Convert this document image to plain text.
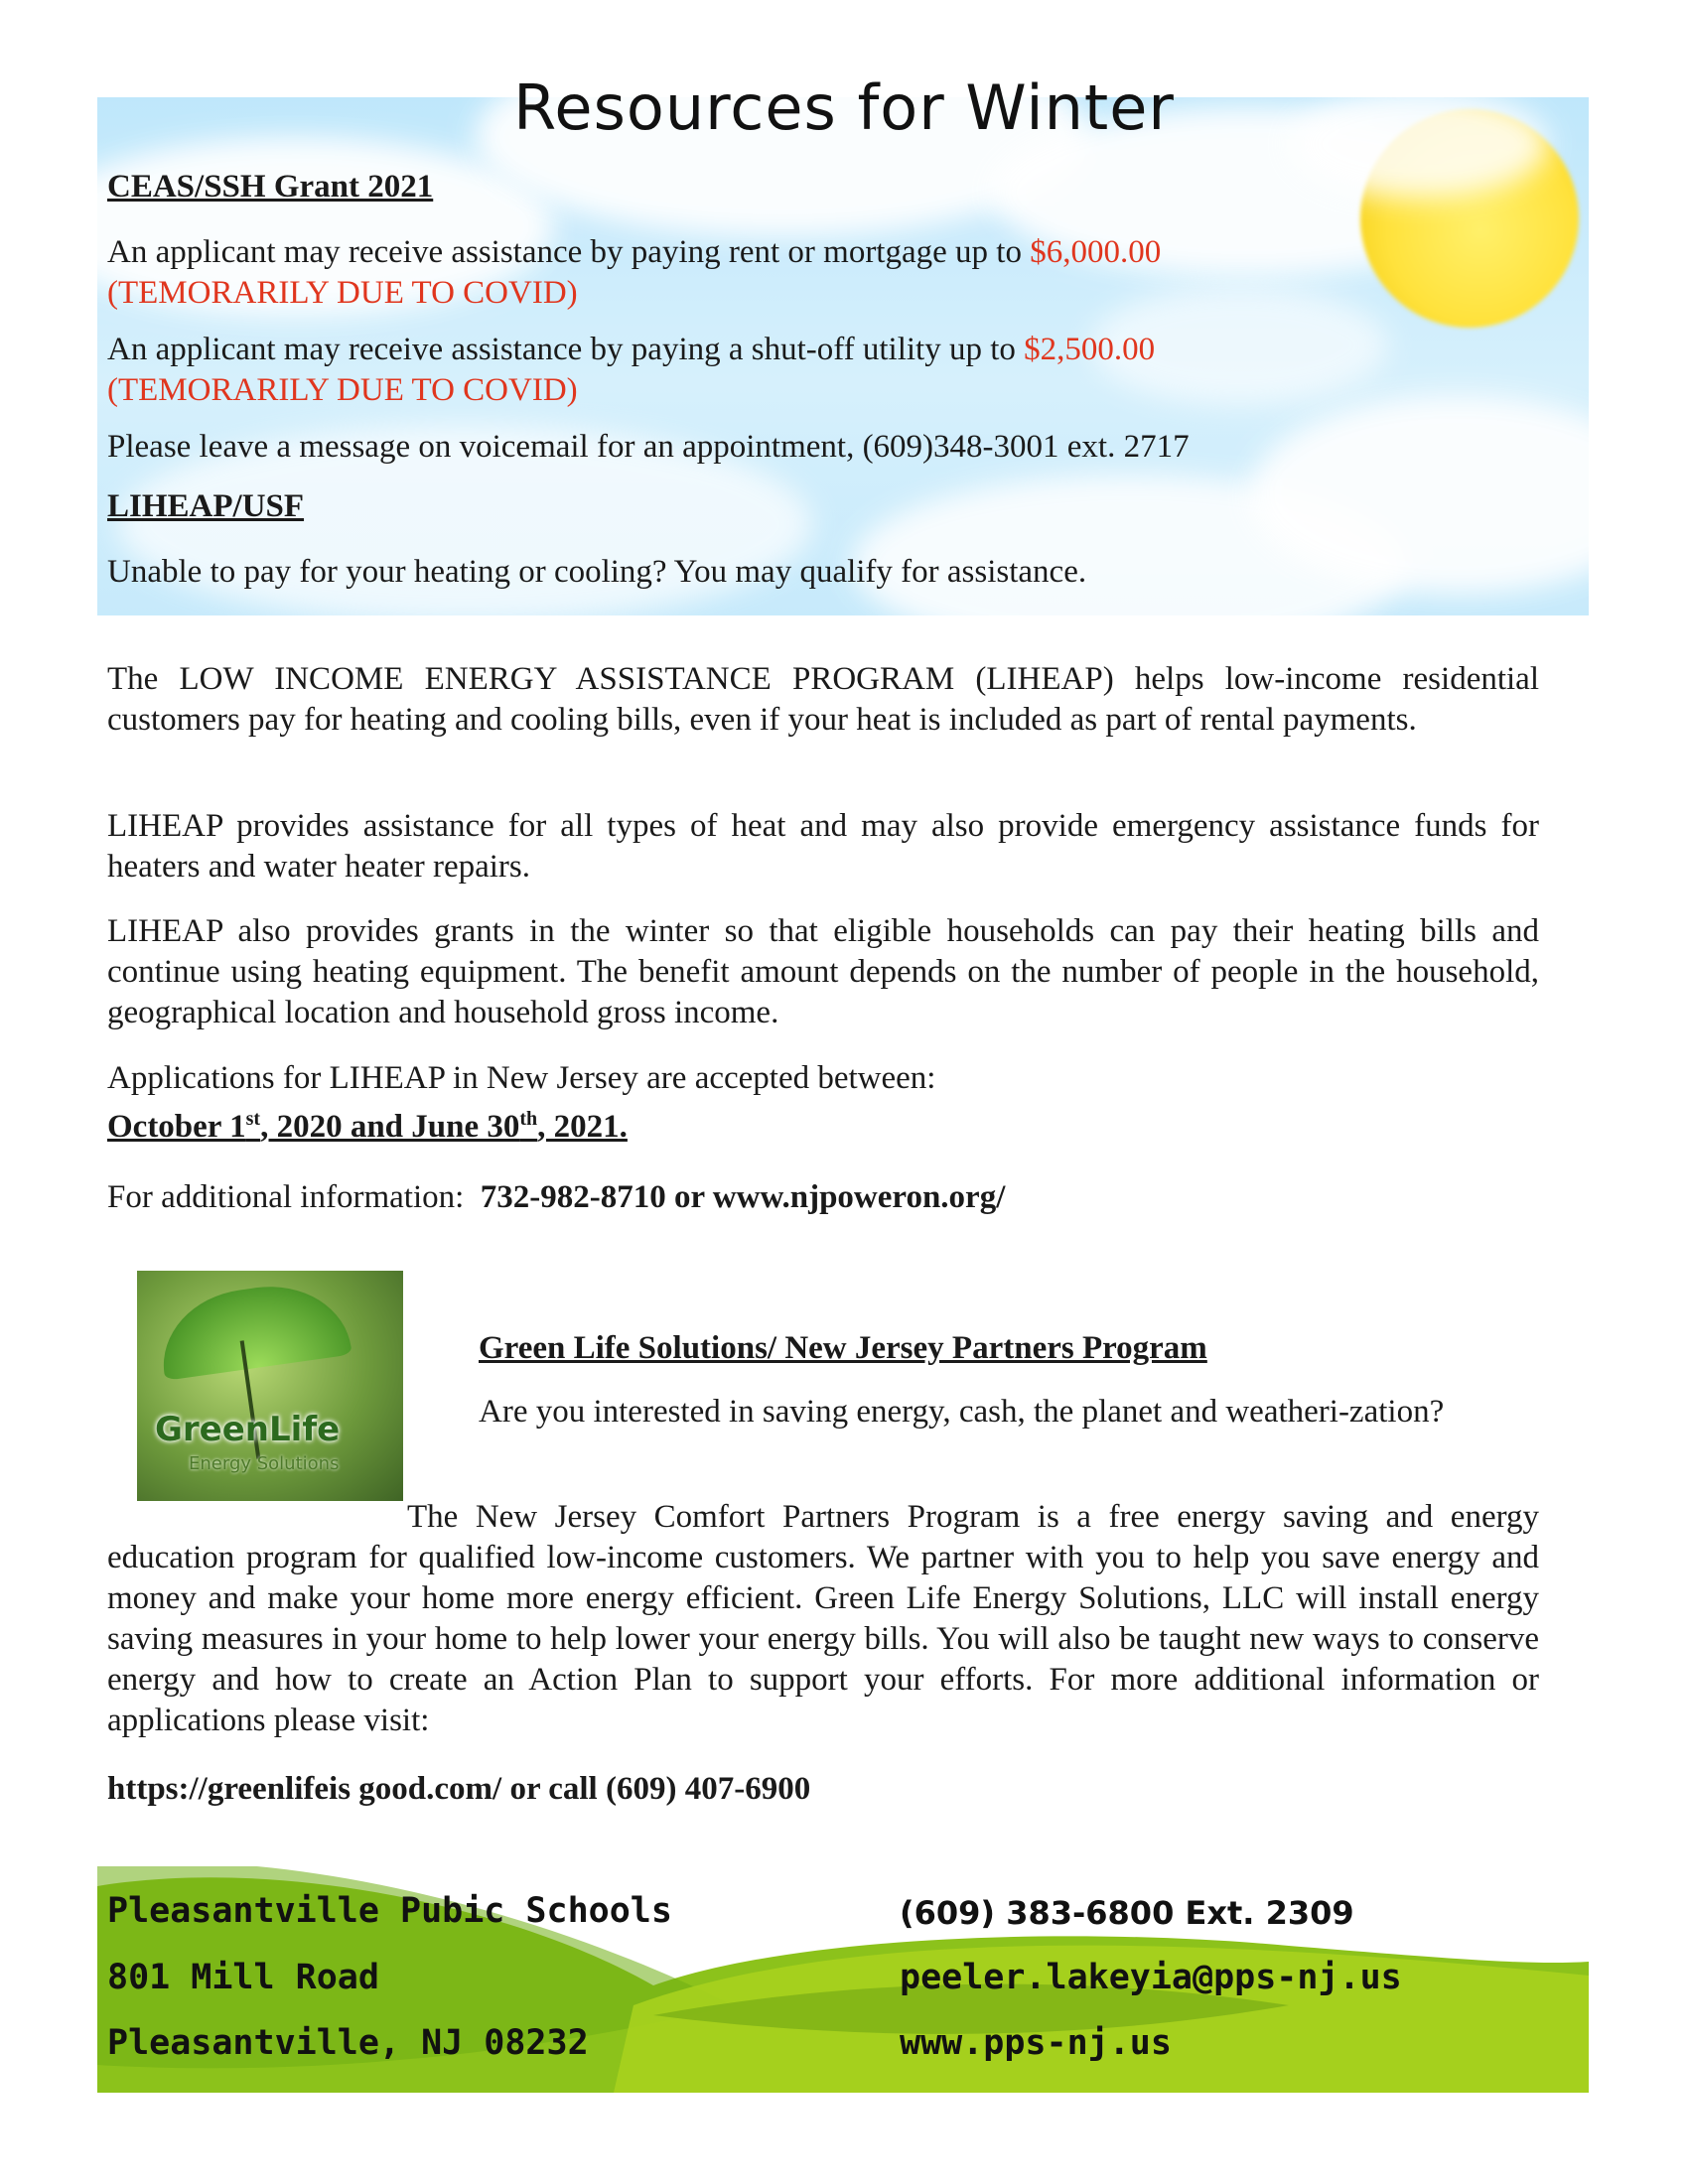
Resources for Winter

CEAS/SSH Grant 2021

An applicant may receive assistance by paying rent or mortgage up to $6,000.00
(TEMORARILY DUE TO COVID)

An applicant may receive assistance by paying a shut-off utility up to $2,500.00
(TEMORARILY DUE TO COVID)

Please leave a message on voicemail for an appointment, (609)348-3001 ext. 2717

LIHEAP/USF

Unable to pay for your heating or cooling? You may qualify for assistance.

The LOW INCOME ENERGY ASSISTANCE PROGRAM (LIHEAP) helps low-income residential customers pay for heating and cooling bills, even if your heat is included as part of rental payments.

LIHEAP provides assistance for all types of heat and may also provide emergency assistance funds for heaters and water heater repairs.

LIHEAP also provides grants in the winter so that eligible households can pay their heating bills and continue using heating equipment. The benefit amount depends on the number of people in the household, geographical location and household gross income.

Applications for LIHEAP in New Jersey are accepted between:
October 1st, 2020 and June 30th, 2021.

For additional information:  732-982-8710 or www.njpoweron.org/

GreenLife
Energy Solutions

Green Life Solutions/ New Jersey Partners Program

Are you interested in saving energy, cash, the planet and weatheri-zation?

The New Jersey Comfort Partners Program is a free energy saving and energy education program for qualified low-income customers. We partner with you to help you save energy and money and make your home more energy efficient. Green Life Energy Solutions, LLC will install energy saving measures in your home to help lower your energy bills. You will also be taught new ways to conserve energy and how to create an Action Plan to support your efforts. For more additional information or applications please visit:

https://greenlifeis good.com/ or call (609) 407-6900

Pleasantville Pubic Schools
801 Mill Road
Pleasantville, NJ 08232
(609) 383-6800 Ext. 2309
peeler.lakeyia@pps-nj.us
www.pps-nj.us
